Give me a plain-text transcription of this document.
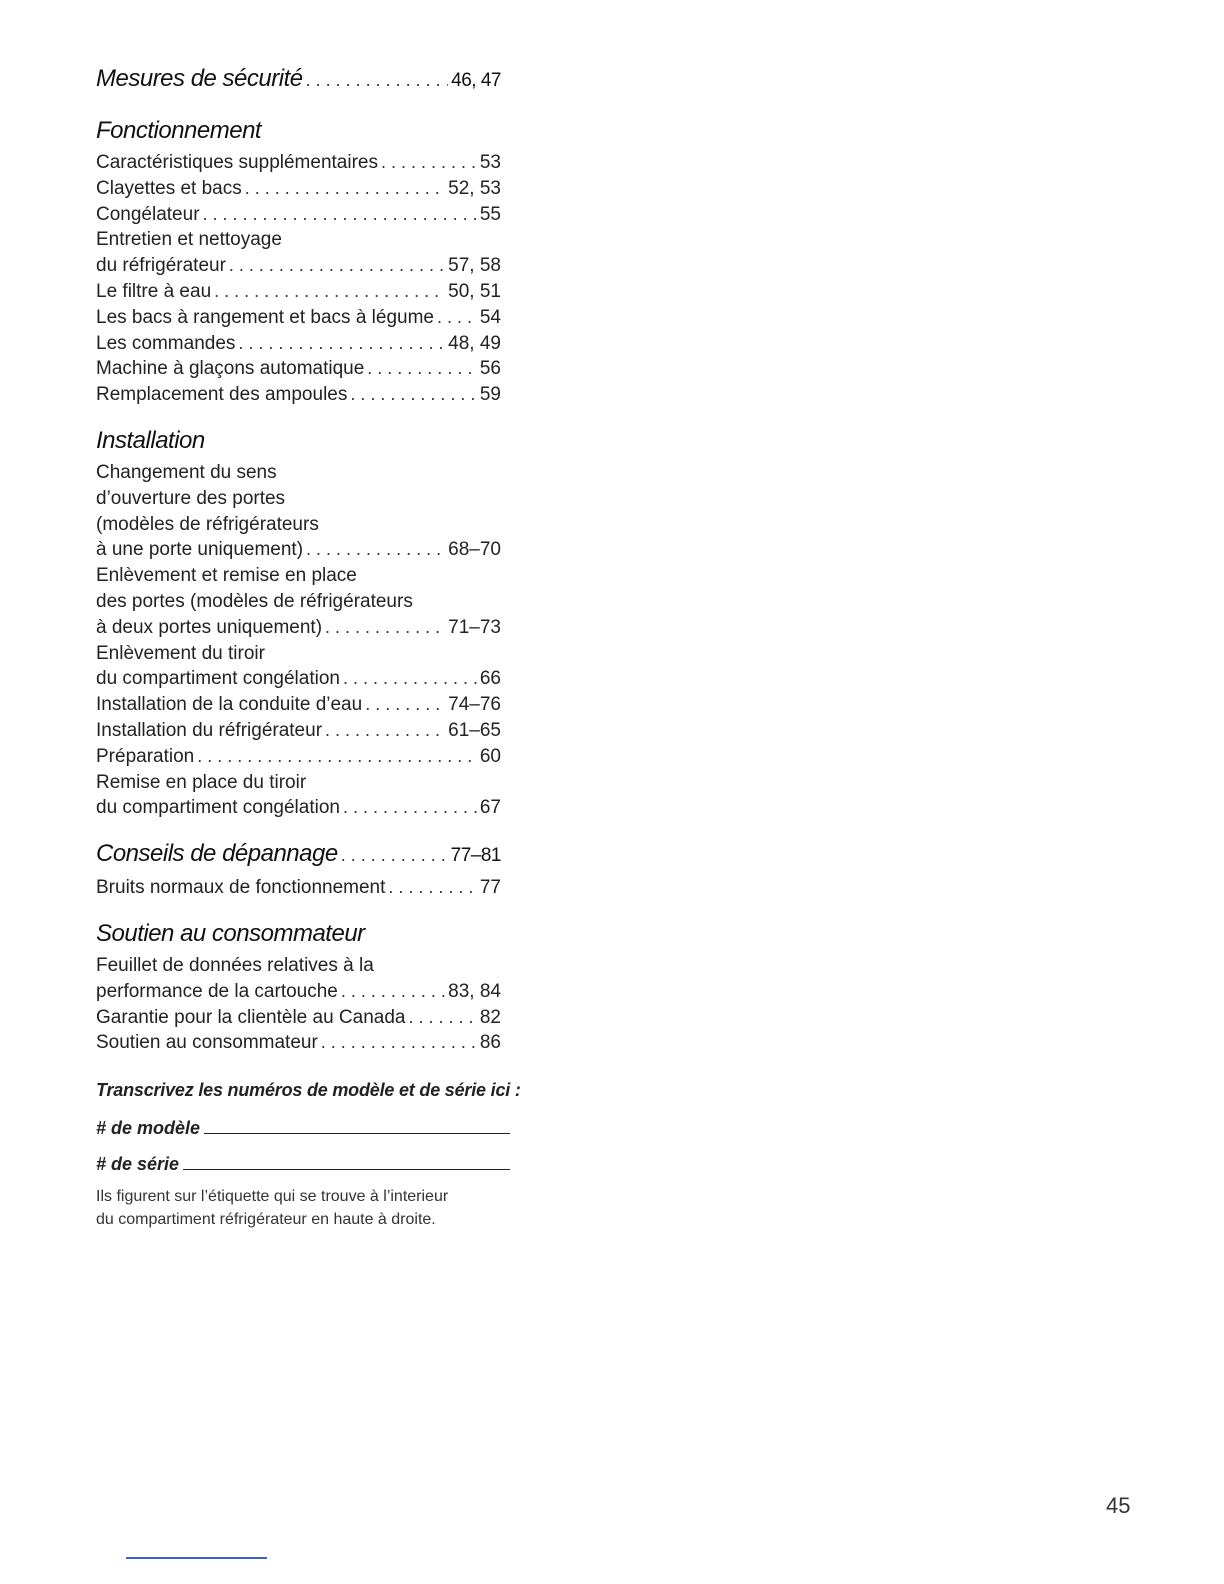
Mesures de sécurité . . .	46, 47
Fonctionnement
Caractéristiques supplémentaires . . .	53
Clayettes et bacs . . .	52, 53
Congélateur . . .	55
Entretien et nettoyage
du réfrigérateur . . .	57, 58
Le filtre à eau . . .	50, 51
Les bacs à rangement et bacs à légume . . . 54
Les commandes . . .	48, 49
Machine à glaçons automatique . . .	56
Remplacement des ampoules . . .	59
Installation
Changement du sens
d’ouverture des portes
(modèles de réfrigérateurs
à une porte uniquement) . . .	68–70
Enlèvement et remise en place
des portes (modèles de réfrigérateurs
à deux portes uniquement) . . .	71–73
Enlèvement du tiroir
du compartiment congélation . . .	66
Installation de la conduite d’eau . . .	74–76
Installation du réfrigérateur . . .	61–65
Préparation . . .	60
Remise en place du tiroir
du compartiment congélation . . .	67
Conseils de dépannage . . .	77–81
Bruits normaux de fonctionnement . . .	77
Soutien au consommateur
Feuillet de données relatives à la
performance de la cartouche . . .	83, 84
Garantie pour la clientèle au Canada . . .	82
Soutien au consommateur . . .	86
Transcrivez les numéros de modèle et de série ici :
# de modèle
# de série
Ils figurent sur l’étiquette qui se trouve à l’interieur
du compartiment réfrigérateur en haute à droite.
45
